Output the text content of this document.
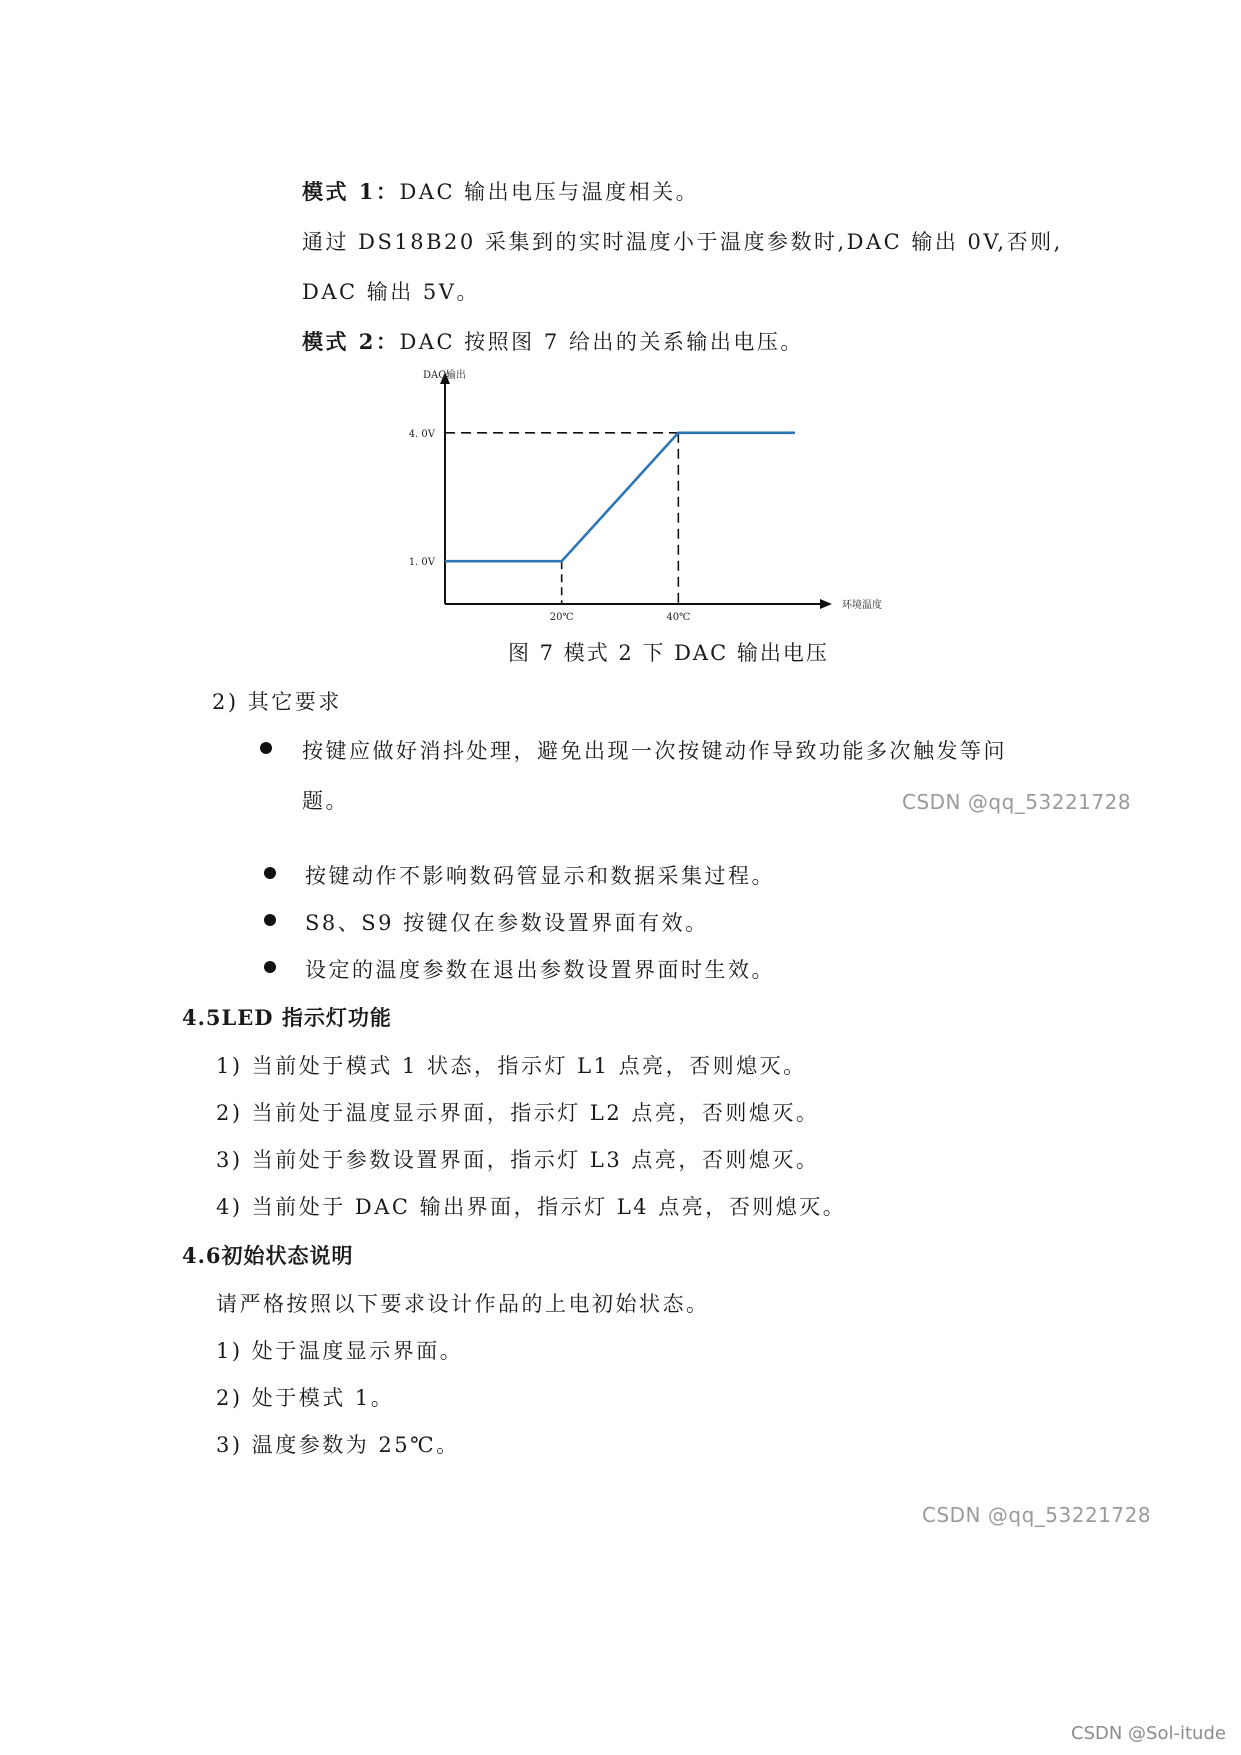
模式 1：DAC 输出电压与温度相关。
通过 DS18B20 采集到的实时温度小于温度参数时,DAC 输出 0V,否则,
DAC 输出 5V。
模式 2：DAC 按照图 7 给出的关系输出电压。
DAC输出
环境温度
1. 0V
4. 0V
20℃	40℃
图 7 模式 2 下 DAC 输出电压
2) 其它要求
按键应做好消抖处理，避免出现一次按键动作导致功能多次触发等问
题。
按键动作不影响数码管显示和数据采集过程。
S8、S9 按键仅在参数设置界面有效。
设定的温度参数在退出参数设置界面时生效。
4.5LED 指示灯功能
1) 当前处于模式 1 状态，指示灯 L1 点亮，否则熄灭。
2) 当前处于温度显示界面，指示灯 L2 点亮，否则熄灭。
3) 当前处于参数设置界面，指示灯 L3 点亮，否则熄灭。
4) 当前处于 DAC 输出界面，指示灯 L4 点亮，否则熄灭。
4.6初始状态说明
请严格按照以下要求设计作品的上电初始状态。
1) 处于温度显示界面。
2) 处于模式 1。
3) 温度参数为 25℃。
CSDN @qq_53221728
CSDN @qq_53221728
CSDN @Sol-itude
